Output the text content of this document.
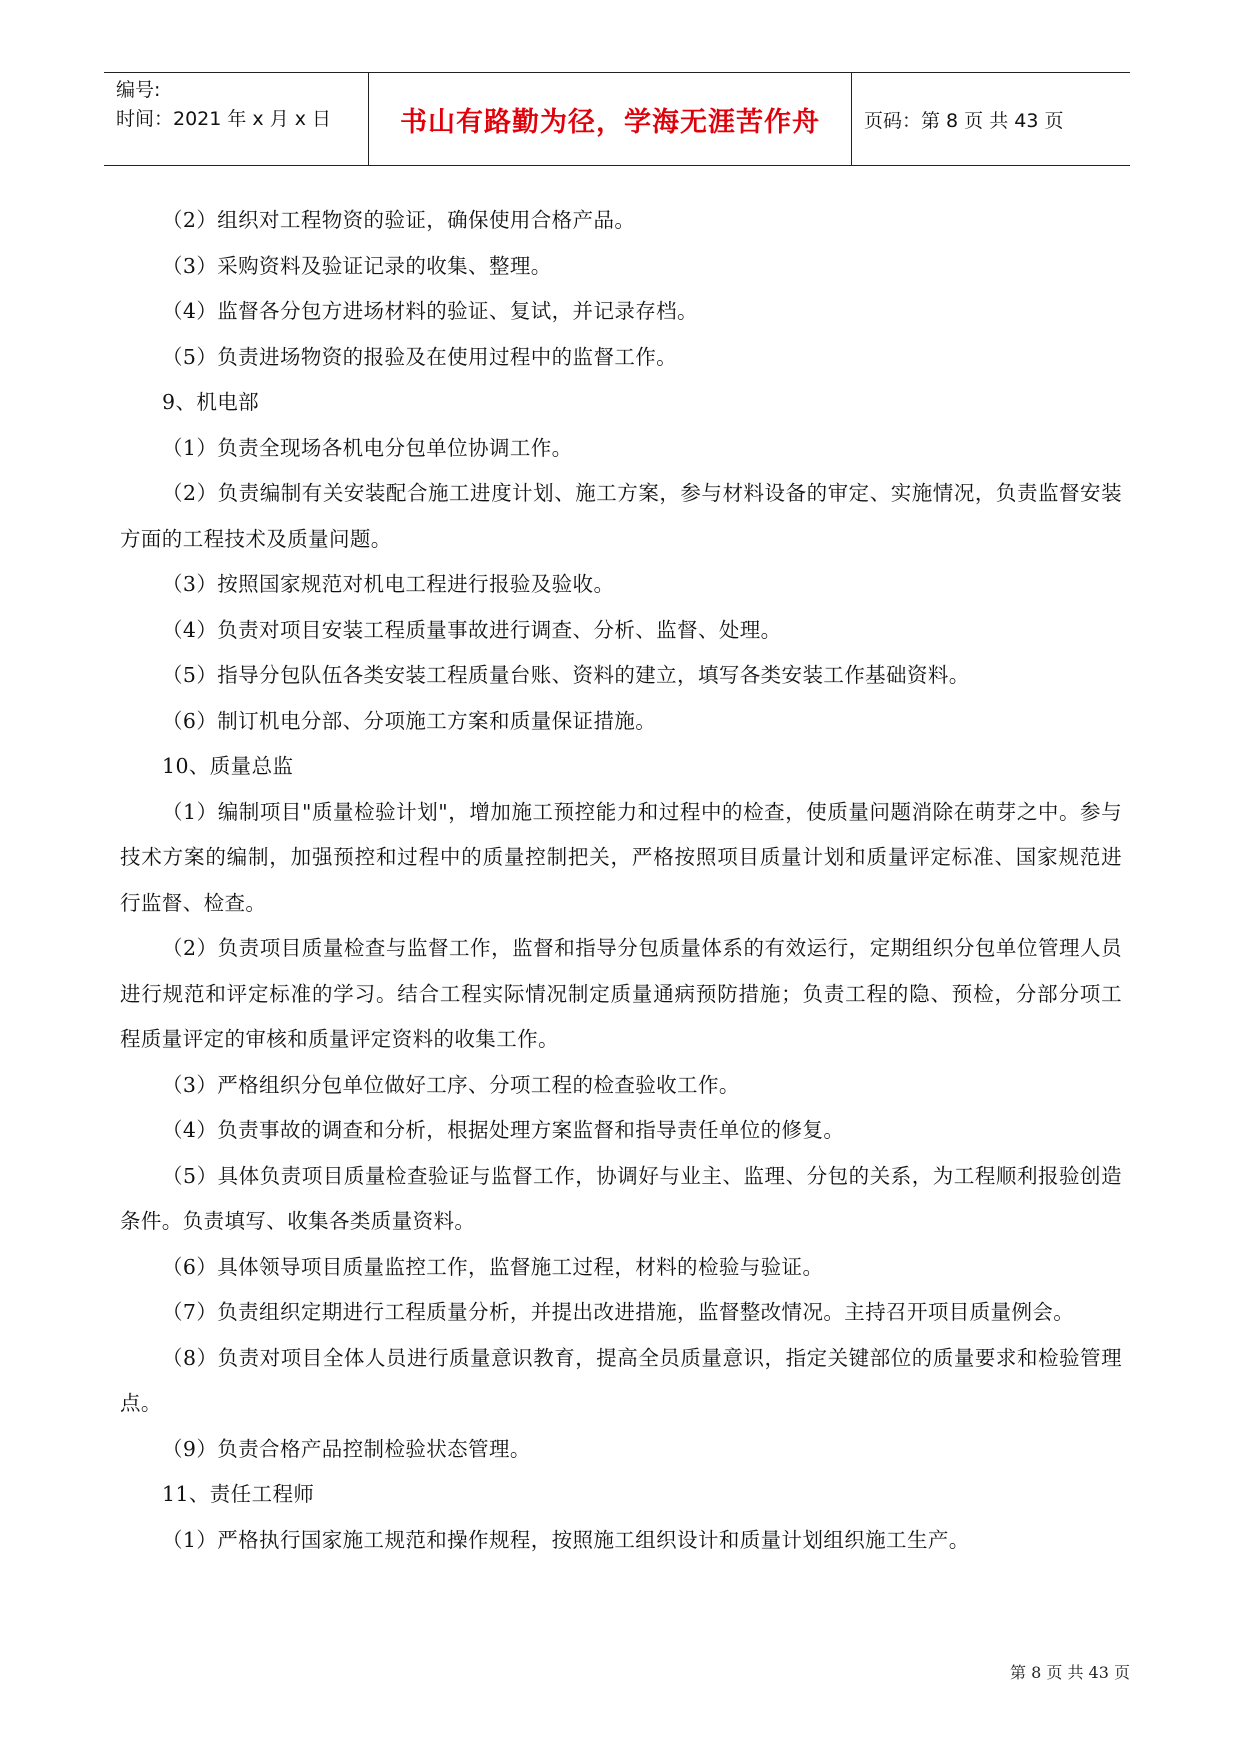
编号:
时间：2021 年 x 月 x 日	书山有路勤为径，学海无涯苦作舟	页码：第 8 页 共 43 页

（2）组织对工程物资的验证，确保使用合格产品。

（3）采购资料及验证记录的收集、整理。

（4）监督各分包方进场材料的验证、复试，并记录存档。

（5）负责进场物资的报验及在使用过程中的监督工作。

9、机电部

（1）负责全现场各机电分包单位协调工作。

（2）负责编制有关安装配合施工进度计划、施工方案，参与材料设备的审定、实施情况，负责监督安装方面的工程技术及质量问题。

（3）按照国家规范对机电工程进行报验及验收。

（4）负责对项目安装工程质量事故进行调查、分析、监督、处理。

（5）指导分包队伍各类安装工程质量台账、资料的建立，填写各类安装工作基础资料。

（6）制订机电分部、分项施工方案和质量保证措施。

10、质量总监

（1）编制项目"质量检验计划"，增加施工预控能力和过程中的检查，使质量问题消除在萌芽之中。参与技术方案的编制，加强预控和过程中的质量控制把关，严格按照项目质量计划和质量评定标准、国家规范进行监督、检查。

（2）负责项目质量检查与监督工作，监督和指导分包质量体系的有效运行，定期组织分包单位管理人员进行规范和评定标准的学习。结合工程实际情况制定质量通病预防措施；负责工程的隐、预检，分部分项工程质量评定的审核和质量评定资料的收集工作。

（3）严格组织分包单位做好工序、分项工程的检查验收工作。

（4）负责事故的调查和分析，根据处理方案监督和指导责任单位的修复。

（5）具体负责项目质量检查验证与监督工作，协调好与业主、监理、分包的关系，为工程顺利报验创造条件。负责填写、收集各类质量资料。

（6）具体领导项目质量监控工作，监督施工过程，材料的检验与验证。

（7）负责组织定期进行工程质量分析，并提出改进措施，监督整改情况。主持召开项目质量例会。

（8）负责对项目全体人员进行质量意识教育，提高全员质量意识，指定关键部位的质量要求和检验管理点。

（9）负责合格产品控制检验状态管理。

11、责任工程师

（1）严格执行国家施工规范和操作规程，按照施工组织设计和质量计划组织施工生产。

第 8 页 共 43 页
